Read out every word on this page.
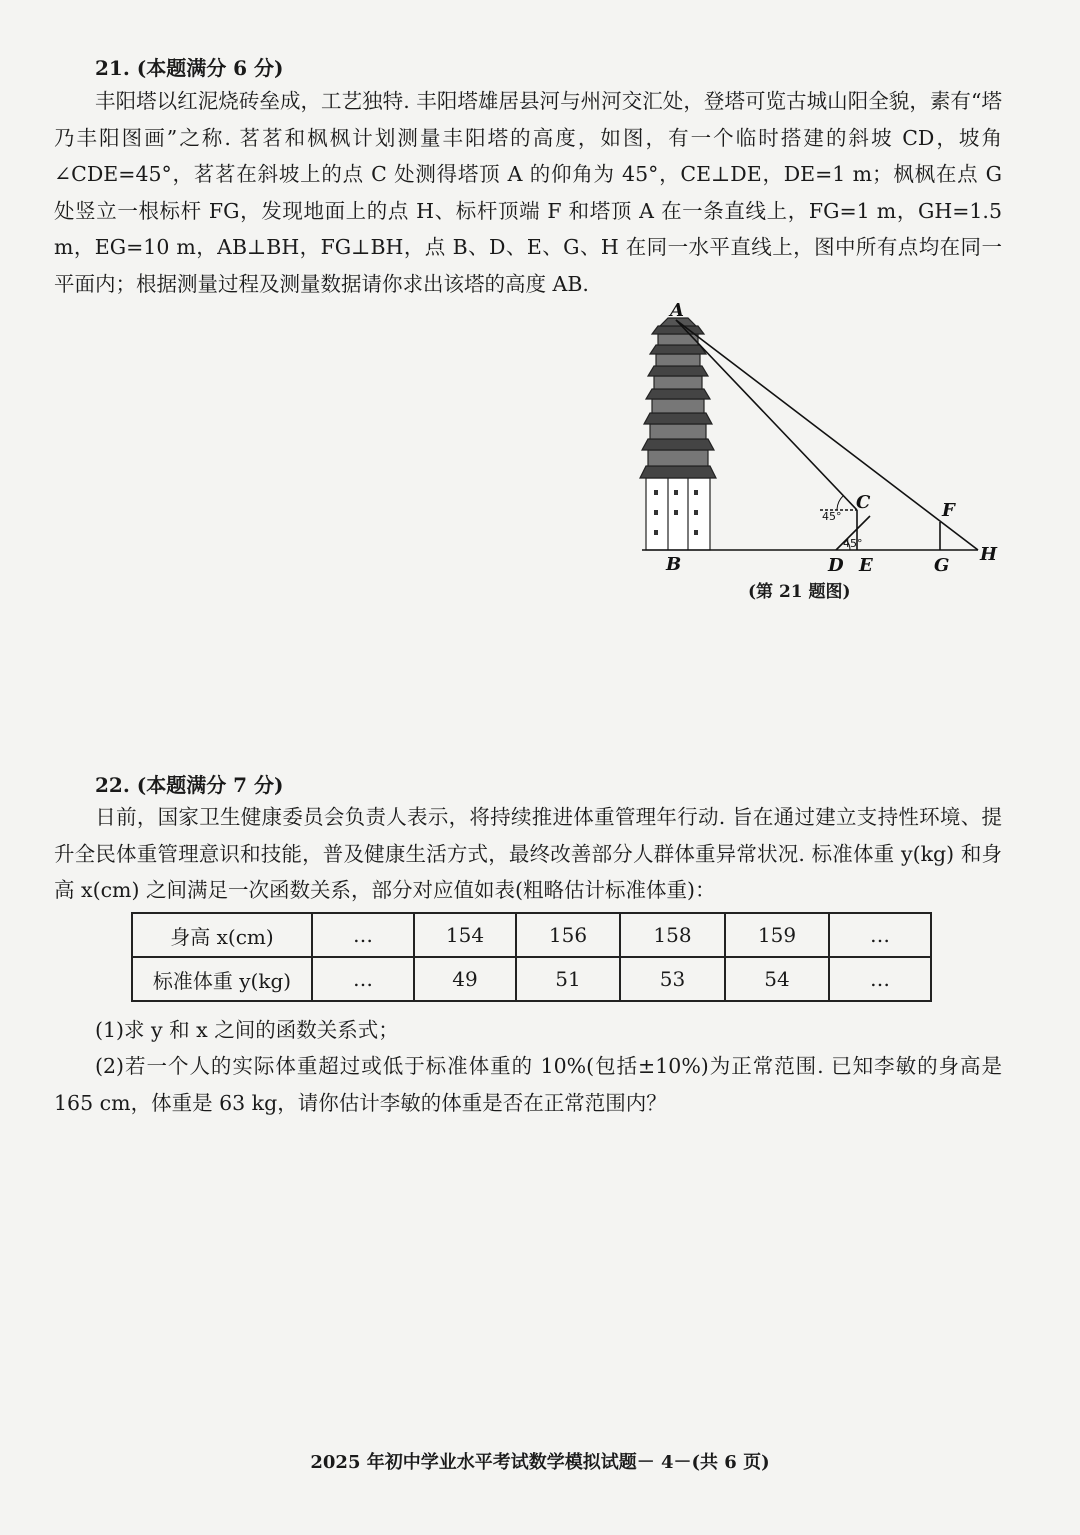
21. (本题满分 6 分)

丰阳塔以红泥烧砖垒成，工艺独特. 丰阳塔雄居县河与州河交汇处，登塔可览古城山阳全貌，素有“塔乃丰阳图画”之称. 茗茗和枫枫计划测量丰阳塔的高度，如图，有一个临时搭建的斜坡 CD，坡角∠CDE=45°，茗茗在斜坡上的点 C 处测得塔顶 A 的仰角为 45°，CE⊥DE，DE=1 m；枫枫在点 G 处竖立一根标杆 FG，发现地面上的点 H、标杆顶端 F 和塔顶 A 在一条直线上，FG=1 m，GH=1.5 m，EG=10 m，AB⊥BH，FG⊥BH，点 B、D、E、G、H 在同一水平直线上，图中所有点均在同一平面内；根据测量过程及测量数据请你求出该塔的高度 AB.

A
B
C
D E
F
G
H
45°
45°
(第 21 题图)
22. (本题满分 7 分)

日前，国家卫生健康委员会负责人表示，将持续推进体重管理年行动. 旨在通过建立支持性环境、提升全民体重管理意识和技能，普及健康生活方式，最终改善部分人群体重异常状况. 标准体重 y(kg) 和身高 x(cm) 之间满足一次函数关系，部分对应值如表(粗略估计标准体重)：

身高 x(cm)	…	154	156	158	159	…
标准体重 y(kg)	…	49	51	53	54	…

(1)求 y 和 x 之间的函数关系式；

(2)若一个人的实际体重超过或低于标准体重的 10%(包括±10%)为正常范围. 已知李敏的身高是 165 cm，体重是 63 kg，请你估计李敏的体重是否在正常范围内？

2025 年初中学业水平考试数学模拟试题－ 4－(共 6 页)
